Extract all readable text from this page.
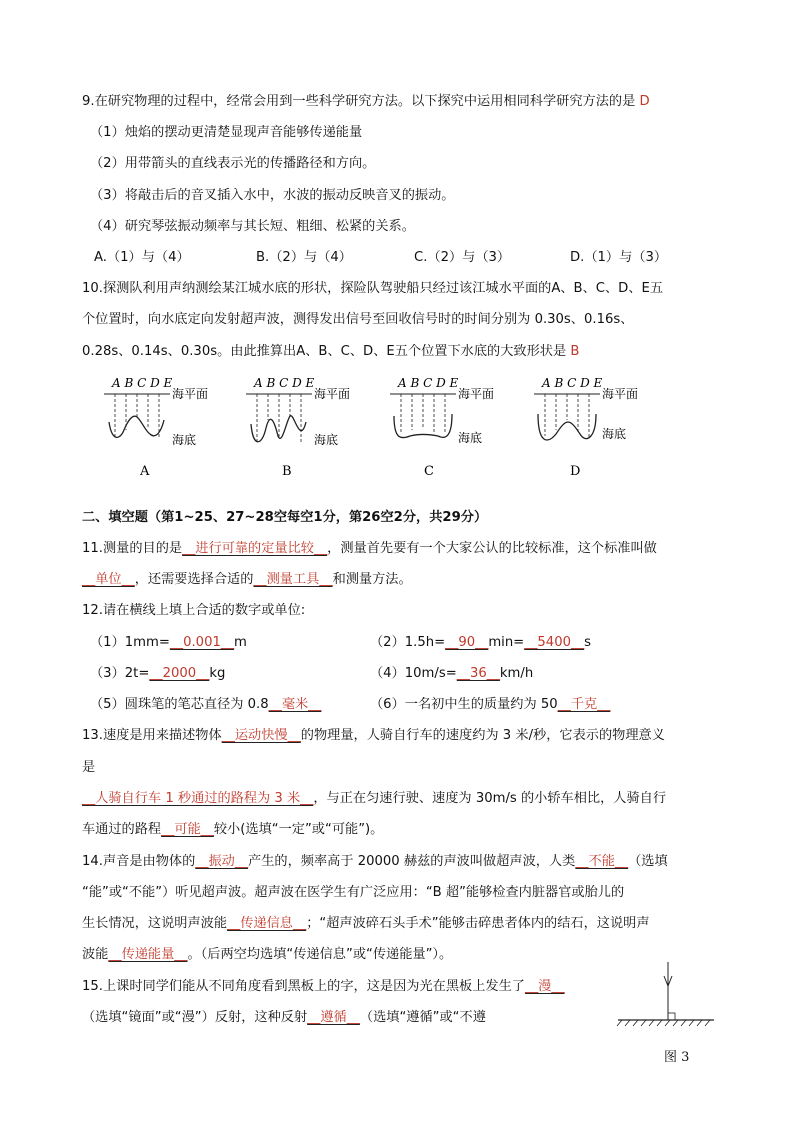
9.在研究物理的过程中，经常会用到一些科学研究方法。以下探究中运用相同科学研究方法的是 D
（1）烛焰的摆动更清楚显现声音能够传递能量
（2）用带箭头的直线表示光的传播路径和方向。
（3）将敲击后的音叉插入水中，水波的振动反映音叉的振动。
（4）研究琴弦振动频率与其长短、粗细、松紧的关系。
A.（1）与（4）	B.（2）与（4）	C.（2）与（3）	D.（1）与（3）
10.探测队利用声纳测绘某江城水底的形状，探险队驾驶船只经过该江城水平面的A、B、C、D、E五
个位置时，向水底定向发射超声波，测得发出信号至回收信号时的时间分别为 0.30s、0.16s、
0.28s、0.14s、0.30s。由此推算出A、B、C、D、E五个位置下水底的大致形状是 B
A B C D E
海平面
海底
A
A B C D E
海平面
海底
B
A B C D E
海平面
海底
C
A B C D E
海平面
海底
D
二、填空题（第1~25、27~28空每空1分，第26空2分，共29分）
11.测量的目的是__进行可靠的定量比较__，测量首先要有一个大家公认的比较标准，这个标准叫做
__单位__，还需要选择合适的__测量工具__和测量方法。
12.请在横线上填上合适的数字或单位:
（1）1mm=__0.001__m	（2）1.5h=__90__min=__5400__s
（3）2t=__2000__kg	（4）10m/s=__36__km/h
（5）圆珠笔的笔芯直径为 0.8__毫米__	（6）一名初中生的质量约为 50__千克__
13.速度是用来描述物体__运动快慢__的物理量，人骑自行车的速度约为 3 米/秒，它表示的物理意义
是
__人骑自行车 1 秒通过的路程为 3 米__，与正在匀速行驶、速度为 30m/s 的小轿车相比，人骑自行
车通过的路程__可能__较小(选填“一定”或“可能”)。
14.声音是由物体的__振动__产生的，频率高于 20000 赫兹的声波叫做超声波，人类__不能__（选填
“能”或“不能”）听见超声波。超声波在医学生有广泛应用：“B 超”能够检查内脏器官或胎儿的
生长情况，这说明声波能__传递信息__；“超声波碎石头手术”能够击碎患者体内的结石，这说明声
波能__传递能量__。（后两空均选填“传递信息”或“传递能量”）。
15.上课时同学们能从不同角度看到黑板上的字，这是因为光在黑板上发生了__漫__
（选填“镜面”或“漫”）反射，这种反射__遵循__（选填“遵循”或“不遵
图 3
